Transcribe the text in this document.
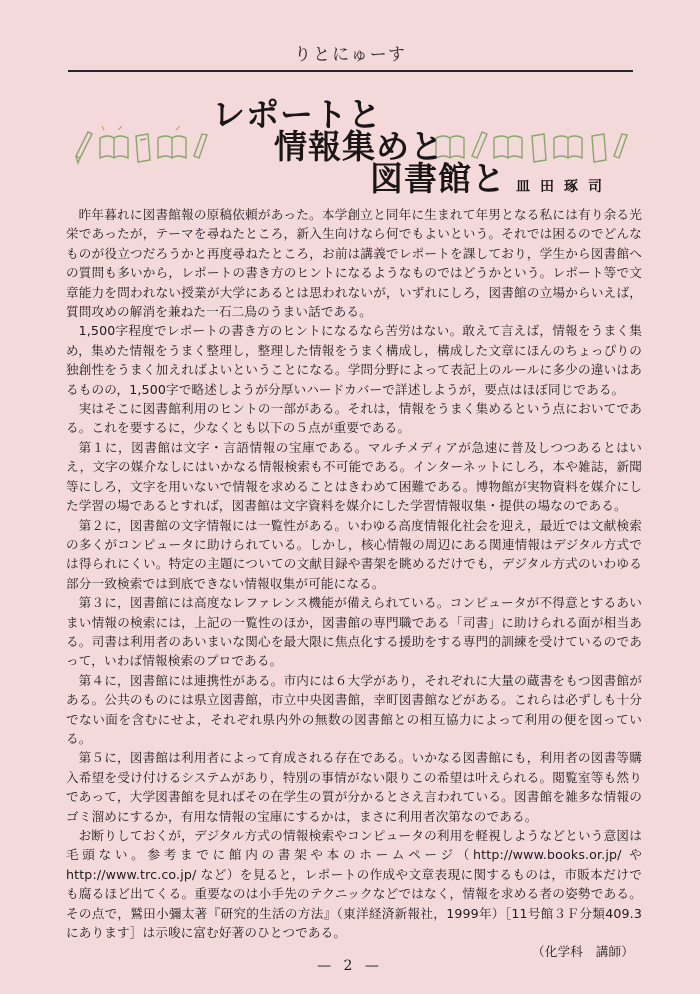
りとにゅーす
レポートと
情報集めと
図書館と 皿田琢司

昨年暮れに図書館報の原稿依頼があった。本学創立と同年に生まれて年男となる私には有り余る光栄であったが，テーマを尋ねたところ，新入生向けなら何でもよいという。それでは困るのでどんなものが役立つだろうかと再度尋ねたところ，お前は講義でレポートを課しており，学生から図書館への質問も多いから，レポートの書き方のヒントになるようなものではどうかという。レポート等で文章能力を問われない授業が大学にあるとは思われないが，いずれにしろ，図書館の立場からいえば，質問攻めの解消を兼ねた一石二鳥のうまい話である。

1,500字程度でレポートの書き方のヒントになるなら苦労はない。敢えて言えば，情報をうまく集め，集めた情報をうまく整理し，整理した情報をうまく構成し，構成した文章にほんのちょっぴりの独創性をうまく加えればよいということになる。学問分野によって表記上のルールに多少の違いはあるものの，1,500字で略述しようが分厚いハードカバーで詳述しようが，要点はほぼ同じである。

実はそこに図書館利用のヒントの一部がある。それは，情報をうまく集めるという点においてである。これを要するに，少なくとも以下の５点が重要である。

第１に，図書館は文字・言語情報の宝庫である。マルチメディアが急速に普及しつつあるとはいえ，文字の媒介なしにはいかなる情報検索も不可能である。インターネットにしろ，本や雑誌，新聞等にしろ，文字を用いないで情報を求めることはきわめて困難である。博物館が実物資料を媒介にした学習の場であるとすれば，図書館は文字資料を媒介にした学習情報収集・提供の場なのである。

第２に，図書館の文字情報には一覧性がある。いわゆる高度情報化社会を迎え，最近では文献検索の多くがコンピュータに助けられている。しかし，核心情報の周辺にある関連情報はデジタル方式では得られにくい。特定の主題についての文献目録や書架を眺めるだけでも，デジタル方式のいわゆる部分一致検索では到底できない情報収集が可能になる。

第３に，図書館には高度なレファレンス機能が備えられている。コンピュータが不得意とするあいまい情報の検索には，上記の一覧性のほか，図書館の専門職である「司書」に助けられる面が相当ある。司書は利用者のあいまいな関心を最大限に焦点化する援助をする専門的訓練を受けているのであって，いわば情報検索のプロである。

第４に，図書館には連携性がある。市内には６大学があり，それぞれに大量の蔵書をもつ図書館がある。公共のものには県立図書館，市立中央図書館，幸町図書館などがある。これらは必ずしも十分でない面を含むにせよ，それぞれ県内外の無数の図書館との相互協力によって利用の便を図っている。

第５に，図書館は利用者によって育成される存在である。いかなる図書館にも，利用者の図書等購入希望を受け付けるシステムがあり，特別の事情がない限りこの希望は叶えられる。閲覧室等も然りであって，大学図書館を見ればその在学生の質が分かるとさえ言われている。図書館を雑多な情報のゴミ溜めにするか，有用な情報の宝庫にするかは，まさに利用者次第なのである。

お断りしておくが，デジタル方式の情報検索やコンピュータの利用を軽視しようなどという意図は毛頭ない。参考までに館内の書架や本のホームページ（http://www.books.or.jp/ やhttp://www.trc.co.jp/ など）を見ると，レポートの作成や文章表現に関するものは，市販本だけでも腐るほど出てくる。重要なのは小手先のテクニックなどではなく，情報を求める者の姿勢である。その点で，鷲田小彌太著『研究的生活の方法』（東洋経済新報社，1999年）［11号館３Ｆ分類409.3にあります］は示唆に富む好著のひとつである。

（化学科　講師）

— 2 —
